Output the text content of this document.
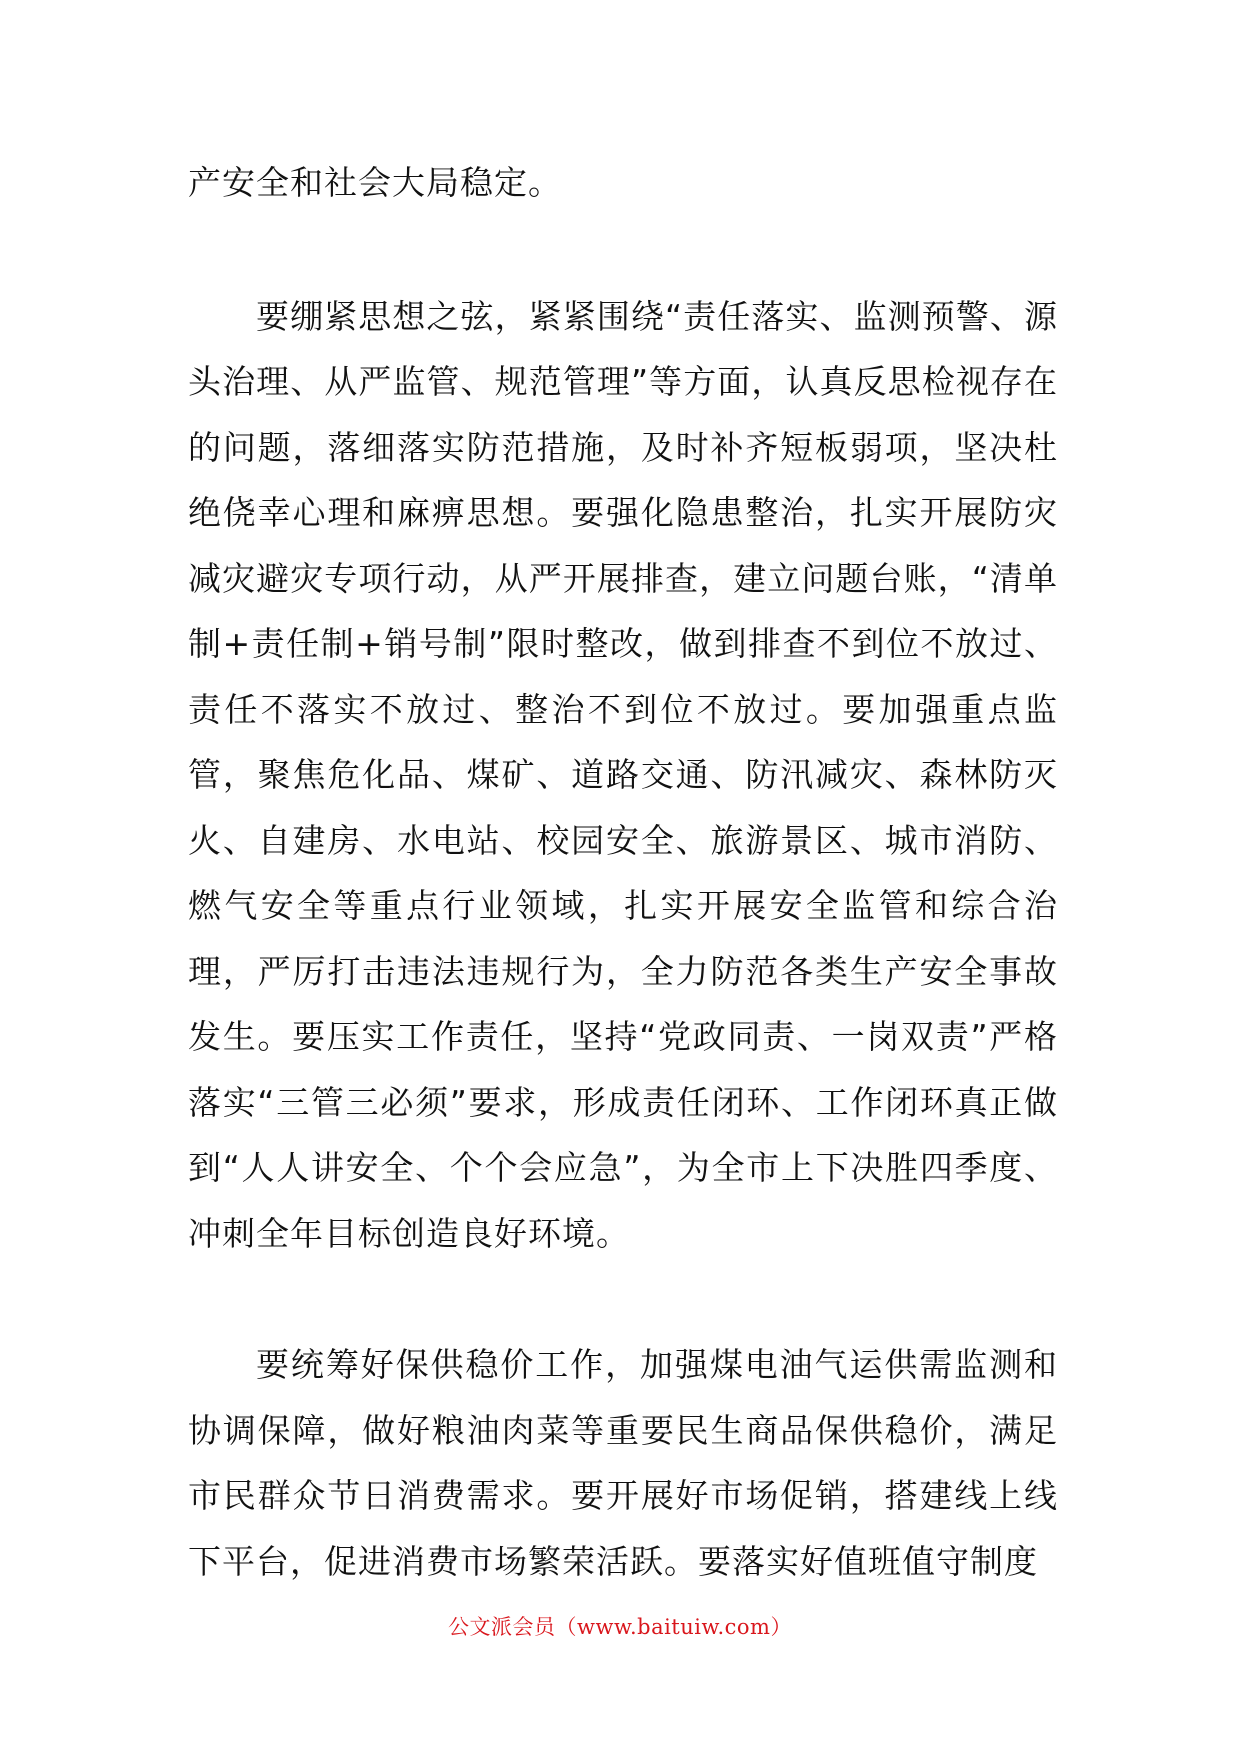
产安全和社会大局稳定。

要绷紧思想之弦，紧紧围绕“责任落实、监测预警、源头治理、从严监管、规范管理”等方面，认真反思检视存在的问题，落细落实防范措施，及时补齐短板弱项，坚决杜绝侥幸心理和麻痹思想。要强化隐患整治，扎实开展防灾减灾避灾专项行动，从严开展排查，建立问题台账，“清单制+责任制+销号制”限时整改，做到排查不到位不放过、责任不落实不放过、整治不到位不放过。要加强重点监管，聚焦危化品、煤矿、道路交通、防汛减灾、森林防灭火、自建房、水电站、校园安全、旅游景区、城市消防、燃气安全等重点行业领域，扎实开展安全监管和综合治理，严厉打击违法违规行为，全力防范各类生产安全事故发生。要压实工作责任，坚持“党政同责、一岗双责”严格落实“三管三必须”要求，形成责任闭环、工作闭环真正做到“人人讲安全、个个会应急”，为全市上下决胜四季度、冲刺全年目标创造良好环境。

要统筹好保供稳价工作，加强煤电油气运供需监测和协调保障，做好粮油肉菜等重要民生商品保供稳价，满足市民群众节日消费需求。要开展好市场促销，搭建线上线下平台，促进消费市场繁荣活跃。要落实好值班值守制度

公文派会员（www.baituiw.com）
